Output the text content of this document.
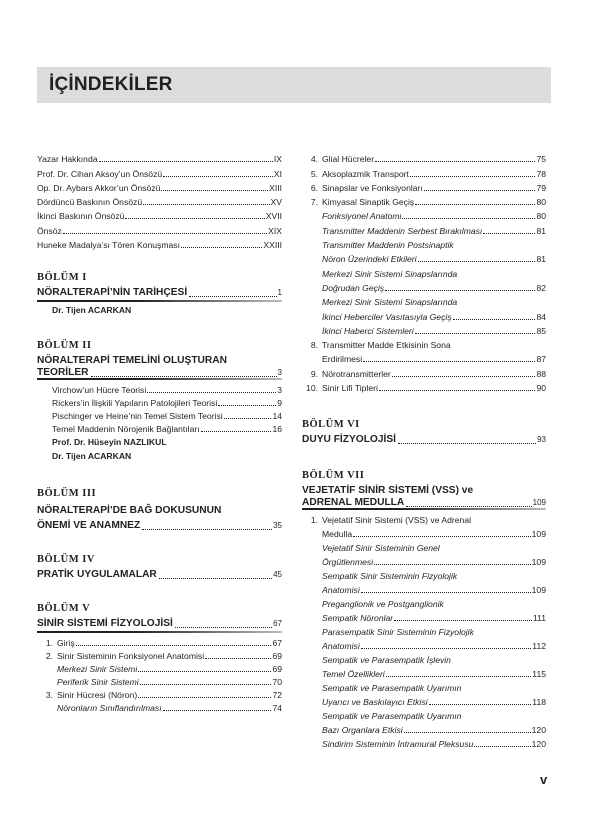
İÇİNDEKİLER
Yazar Hakkında	IX
Prof. Dr. Cihan Aksoy’un Önsözü	XI
Op. Dr. Aybars Akkor’un Önsözü	XIII
Dördüncü Baskının Önsözü	XV
İkinci Baskının Önsözü	XVII
Önsöz	XIX
Huneke Madalya’sı Tören Konuşması	XXIII
BÖLÜM I
NÖRALTERAPİ’NİN TARİHÇESİ	1
Dr. Tijen ACARKAN
BÖLÜM II
NÖRALTERAPİ TEMELİNİ OLUŞTURAN
TEORİLER	3
Virchow’un Hücre Teorisi	3
Rickers’in İlişkili Yapıların Patolojileri Teorisi	9
Pischinger ve Heine’nin Temel Sistem Teorisi	14
Temel Maddenin Nörojenik Bağlantıları	16
Prof. Dr. Hüseyin NAZLIKUL
Dr. Tijen ACARKAN
BÖLÜM III
NÖRALTERAPİ’DE BAĞ DOKUSUNUN
ÖNEMİ VE ANAMNEZ	35
BÖLÜM IV
PRATİK UYGULAMALAR	45
BÖLÜM V
SİNİR SİSTEMİ FİZYOLOJİSİ	67
1. Giriş	67
2. Sinir Sisteminin Fonksiyonel Anatomisi	69
Merkezi Sinir Sistemi	69
Periferik Sinir Sistemi	70
3. Sinir Hücresi (Nöron)	72
Nöronların Sınıflandırılması	74
4. Glial Hücreler	75
5. Aksoplazmik Transport	78
6. Sinapslar ve Fonksiyonları	79
7. Kimyasal Sinaptik Geçiş	80
Fonksiyonel Anatomi	80
Transmitter Maddenin Serbest Bırakılması	81
Transmitter Maddenin Postsinaptik
Nöron Üzerindeki Etkileri	81
Merkezi Sinir Sistemi Sinapslarında
Doğrudan Geçiş	82
Merkezi Sinir Sistemi Sinapslarında
İkinci Heberciler Vasıtasıyla Geçiş	84
İkinci Haberci Sistemleri	85
8. Transmitter Madde Etkisinin Sona
Erdirilmesi	87
9. Nörotransmitterler	88
10. Sinir Lifi Tipleri	90
BÖLÜM VI
DUYU FİZYOLOJİSİ	93
BÖLÜM VII
VEJETATİF SİNİR SİSTEMİ (VSS) ve
ADRENAL MEDULLA	109
1. Vejetatif Sinir Sistemi (VSS) ve Adrenal
Medulla	109
Vejetatif Sinir Sisteminin Genel
Örgütlenmesi	109
Sempatik Sinir Sisteminin Fizyolojik
Anatomisi	109
Preganglionik ve Postganglionik
Sempatik Nöronlar	111
Parasempatik Sinir Sisteminin Fizyolojik
Anatomisi	112
Sempatik ve Parasempatik İşlevin
Temel Özellikleri	115
Sempatik ve Parasempatik Uyarımın
Uyarıcı ve Baskılayıcı Etkisi	118
Sempatik ve Parasempatik Uyarımın
Bazı Organlara Etkisi	120
Sindirim Sisteminin İntramural Pleksusu	120
v
